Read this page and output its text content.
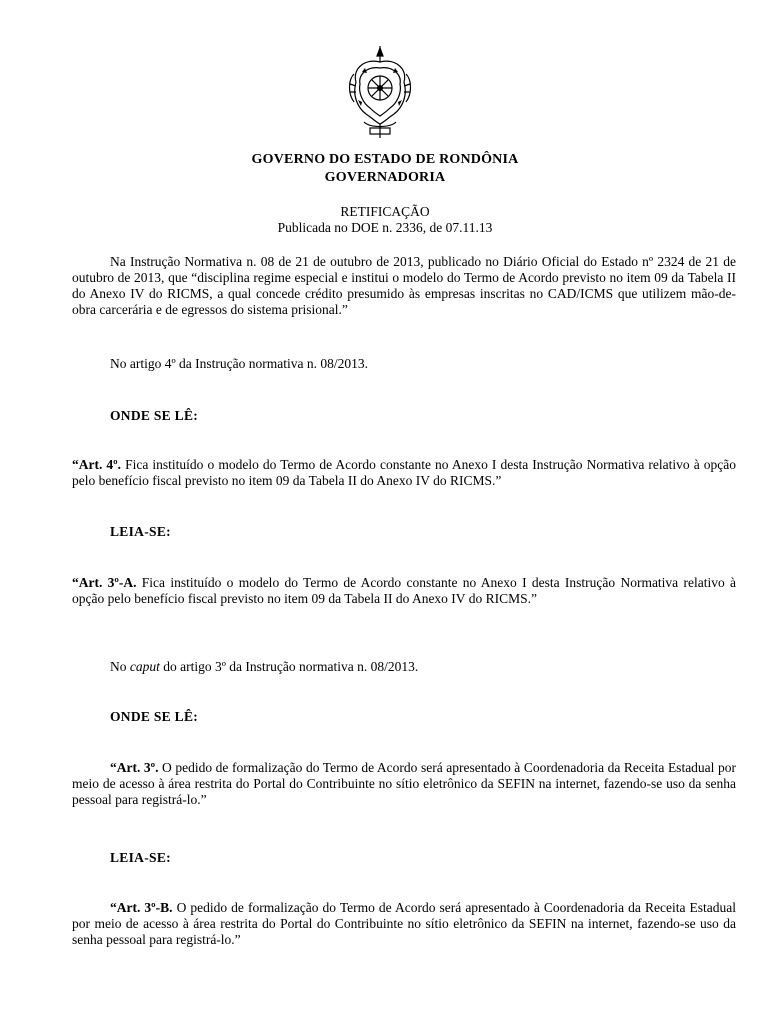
GOVERNO DO ESTADO DE RONDÔNIA
GOVERNADORIA
RETIFICAÇÃO
Publicada no DOE n. 2336, de 07.11.13
Na Instrução Normativa n. 08 de 21 de outubro de 2013, publicado no Diário Oficial do Estado nº 2324 de 21 de outubro de 2013, que “disciplina regime especial e institui o modelo do Termo de Acordo previsto no item 09 da Tabela II do Anexo IV do RICMS, a qual concede crédito presumido às empresas inscritas no CAD/ICMS que utilizem mão-de-obra carcerária e de egressos do sistema prisional.”
No artigo 4º da Instrução normativa n. 08/2013.
ONDE SE LÊ:
“Art. 4º. Fica instituído o modelo do Termo de Acordo constante no Anexo I desta Instrução Normativa relativo à opção pelo benefício fiscal previsto no item 09 da Tabela II do Anexo IV do RICMS.”
LEIA-SE:
“Art. 3º-A. Fica instituído o modelo do Termo de Acordo constante no Anexo I desta Instrução Normativa relativo à opção pelo benefício fiscal previsto no item 09 da Tabela II do Anexo IV do RICMS.”
No caput do artigo 3º da Instrução normativa n. 08/2013.
ONDE SE LÊ:
“Art. 3º. O pedido de formalização do Termo de Acordo será apresentado à Coordenadoria da Receita Estadual por meio de acesso à área restrita do Portal do Contribuinte no sítio eletrônico da SEFIN na internet, fazendo-se uso da senha pessoal para registrá-lo.”
LEIA-SE:
“Art. 3º-B. O pedido de formalização do Termo de Acordo será apresentado à Coordenadoria da Receita Estadual por meio de acesso à área restrita do Portal do Contribuinte no sítio eletrônico da SEFIN na internet, fazendo-se uso da senha pessoal para registrá-lo.”
